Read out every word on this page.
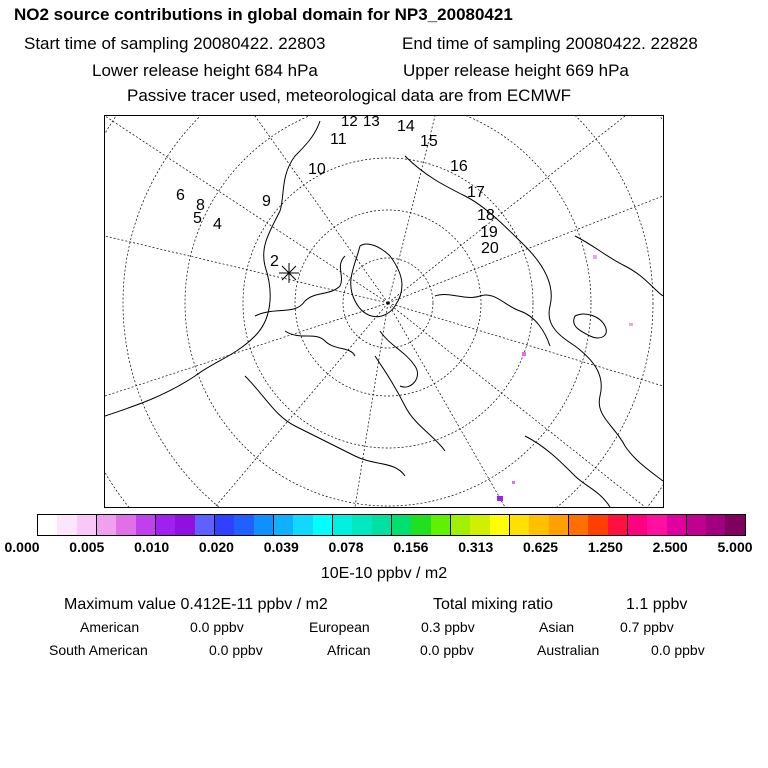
NO2 source contributions in global domain for NP3_20080421
Start time of sampling 20080422. 22803	End time of sampling 20080422. 22828
Lower release height 684 hPa	Upper release height 669 hPa
Passive tracer used, meteorological data are from ECMWF
12 13 14
11	15
10	16
17
6
8	9
5 4
18
19
20
2
0.000 0.005 0.010 0.020 0.039 0.078 0.156 0.313 0.625 1.250 2.500 5.000
10E-10 ppbv / m2
Maximum value 0.412E-11 ppbv / m2	Total mixing ratio	1.1 ppbv
American	0.0 ppbv	European	0.3 ppbv	Asian	0.7 ppbv
South American	0.0 ppbv	African	0.0 ppbv	Australian	0.0 ppbv
